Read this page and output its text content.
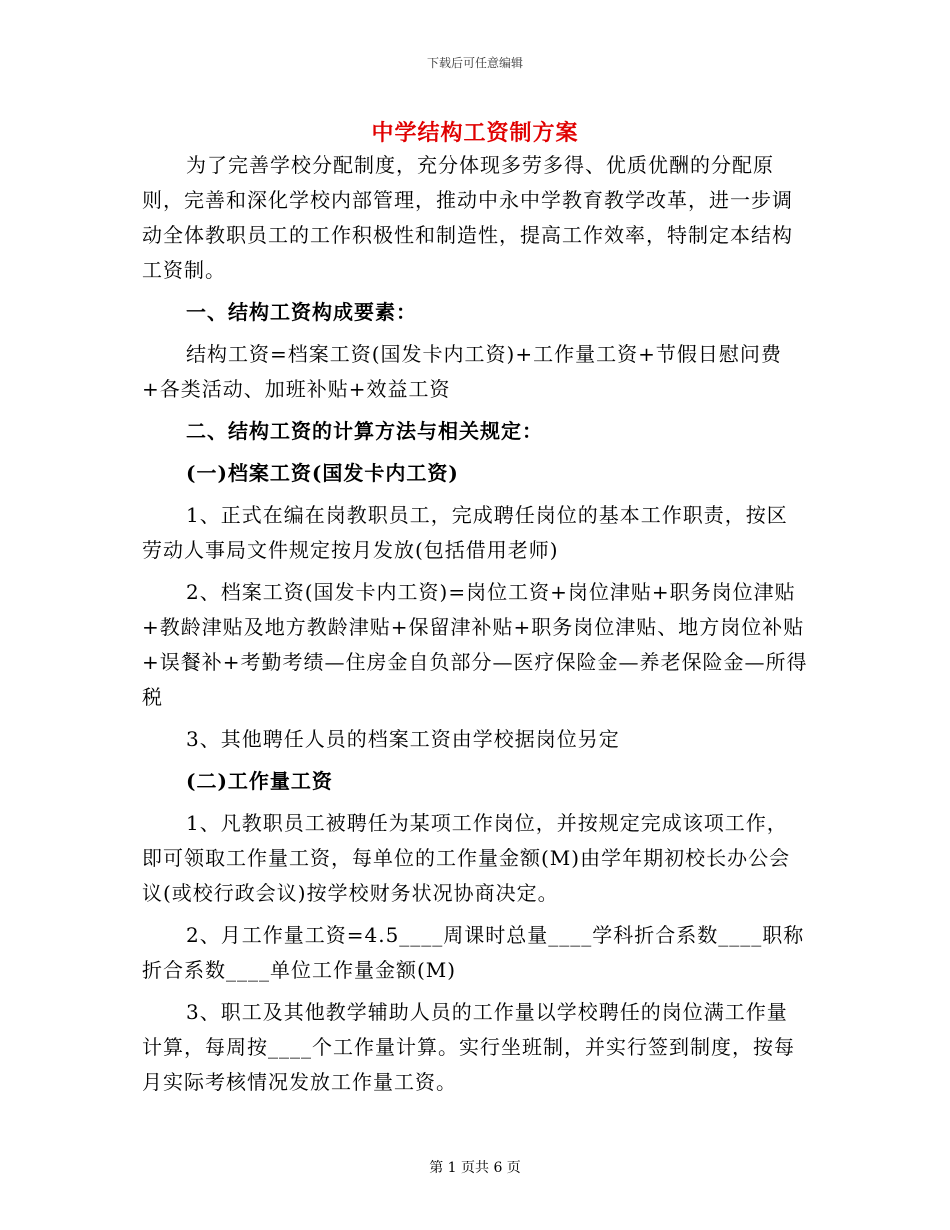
下载后可任意编辑
中学结构工资制方案

为了完善学校分配制度，充分体现多劳多得、优质优酬的分配原则，完善和深化学校内部管理，推动中永中学教育教学改革，进一步调动全体教职员工的工作积极性和制造性，提高工作效率，特制定本结构工资制。

一、结构工资构成要素：

结构工资=档案工资(国发卡内工资)+工作量工资+节假日慰问费+各类活动、加班补贴+效益工资

二、结构工资的计算方法与相关规定：

(一)档案工资(国发卡内工资)

1、正式在编在岗教职员工，完成聘任岗位的基本工作职责，按区劳动人事局文件规定按月发放(包括借用老师)

2、档案工资(国发卡内工资)=岗位工资+岗位津贴+职务岗位津贴+教龄津贴及地方教龄津贴+保留津补贴+职务岗位津贴、地方岗位补贴+误餐补+考勤考绩—住房金自负部分—医疗保险金—养老保险金—所得税

3、其他聘任人员的档案工资由学校据岗位另定

(二)工作量工资

1、凡教职员工被聘任为某项工作岗位，并按规定完成该项工作，即可领取工作量工资，每单位的工作量金额(M)由学年期初校长办公会议(或校行政会议)按学校财务状况协商决定。

2、月工作量工资=4.5____周课时总量____学科折合系数____职称折合系数____单位工作量金额(M)

3、职工及其他教学辅助人员的工作量以学校聘任的岗位满工作量计算，每周按____个工作量计算。实行坐班制，并实行签到制度，按每月实际考核情况发放工作量工资。

第 1 页共 6 页
